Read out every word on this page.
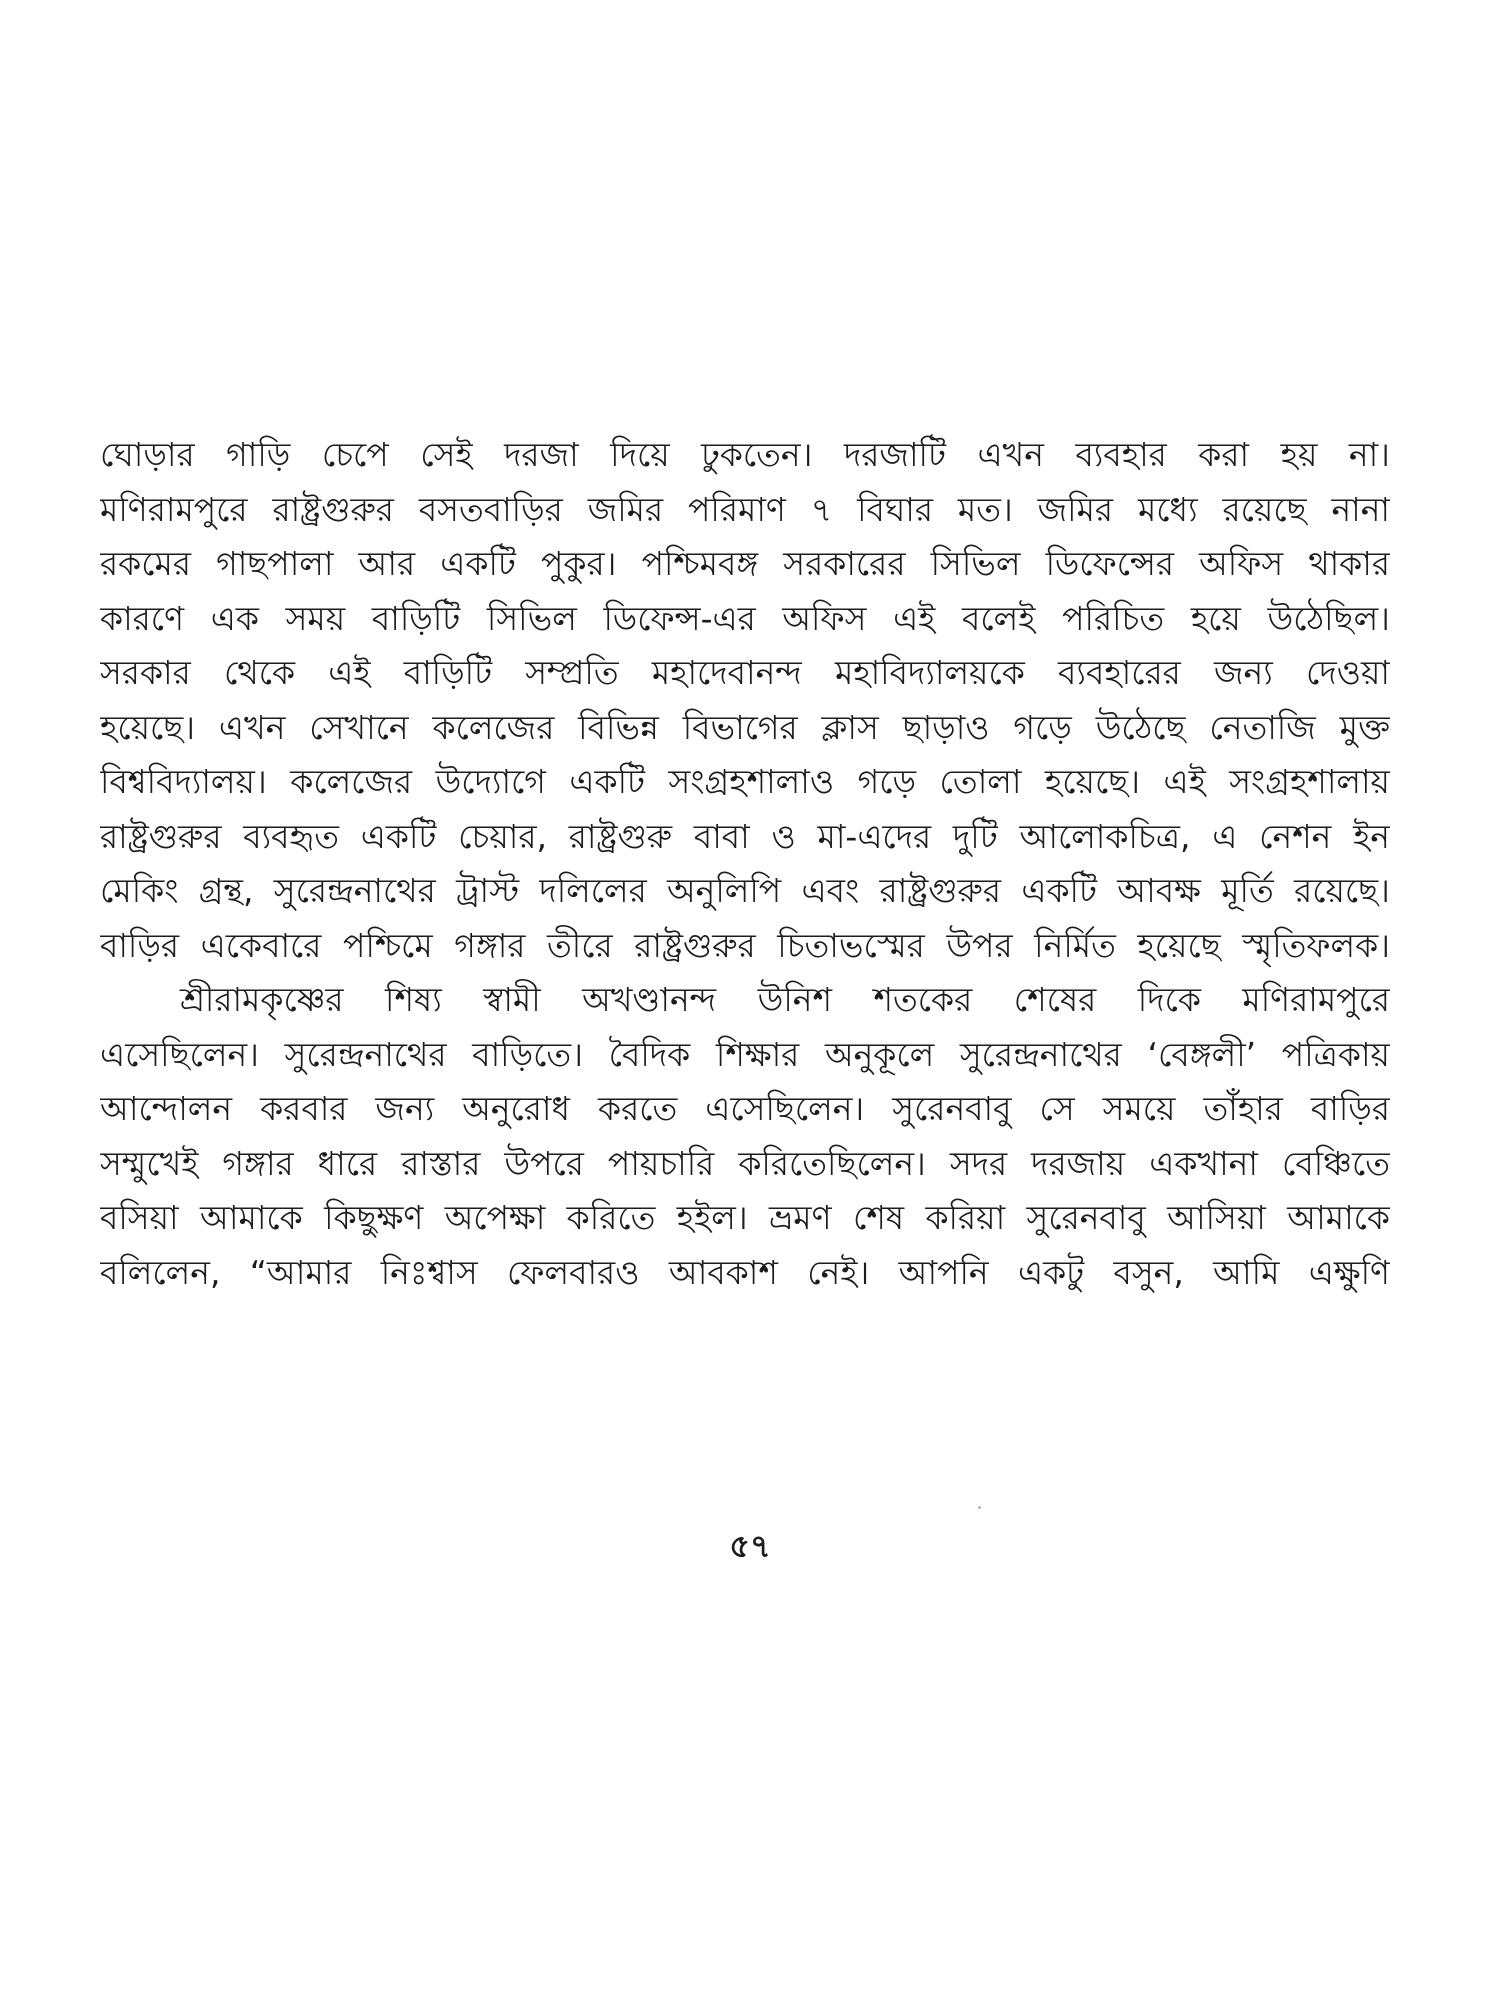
ঘোড়ার গাড়ি চেপে সেই দরজা দিয়ে ঢুকতেন। দরজাটি এখন ব্যবহার করা হয় না।
মণিরামপুরে রাষ্ট্রগুরুর বসতবাড়ির জমির পরিমাণ ৭ বিঘার মত। জমির মধ্যে রয়েছে নানা
রকমের গাছপালা আর একটি পুকুর। পশ্চিমবঙ্গ সরকারের সিভিল ডিফেন্সের অফিস থাকার
কারণে এক সময় বাড়িটি সিভিল ডিফেন্স-এর অফিস এই বলেই পরিচিত হয়ে উঠেছিল।
সরকার থেকে এই বাড়িটি সম্প্রতি মহাদেবানন্দ মহাবিদ্যালয়কে ব্যবহারের জন্য দেওয়া
হয়েছে। এখন সেখানে কলেজের বিভিন্ন বিভাগের ক্লাস ছাড়াও গড়ে উঠেছে নেতাজি মুক্ত
বিশ্ববিদ্যালয়। কলেজের উদ্যোগে একটি সংগ্রহশালাও গড়ে তোলা হয়েছে। এই সংগ্রহশালায়
রাষ্ট্রগুরুর ব্যবহৃত একটি চেয়ার, রাষ্ট্রগুরু বাবা ও মা-এদের দুটি আলোকচিত্র, এ নেশন ইন
মেকিং গ্রন্থ, সুরেন্দ্রনাথের ট্রাস্ট দলিলের অনুলিপি এবং রাষ্ট্রগুরুর একটি আবক্ষ মূর্তি রয়েছে।
বাড়ির একেবারে পশ্চিমে গঙ্গার তীরে রাষ্ট্রগুরুর চিতাভস্মের উপর নির্মিত হয়েছে স্মৃতিফলক।
শ্রীরামকৃষ্ণের শিষ্য স্বামী অখণ্ডানন্দ উনিশ শতকের শেষের দিকে মণিরামপুরে
এসেছিলেন। সুরেন্দ্রনাথের বাড়িতে। বৈদিক শিক্ষার অনুকূলে সুরেন্দ্রনাথের ‘বেঙ্গলী’ পত্রিকায়
আন্দোলন করবার জন্য অনুরোধ করতে এসেছিলেন। সুরেনবাবু সে সময়ে তাঁহার বাড়ির
সম্মুখেই গঙ্গার ধারে রাস্তার উপরে পায়চারি করিতেছিলেন। সদর দরজায় একখানা বেঞ্চিতে
বসিয়া আমাকে কিছুক্ষণ অপেক্ষা করিতে হইল। ভ্রমণ শেষ করিয়া সুরেনবাবু আসিয়া আমাকে
বলিলেন, “আমার নিঃশ্বাস ফেলবারও আবকাশ নেই। আপনি একটু বসুন, আমি এক্ষুণি
৫৭
